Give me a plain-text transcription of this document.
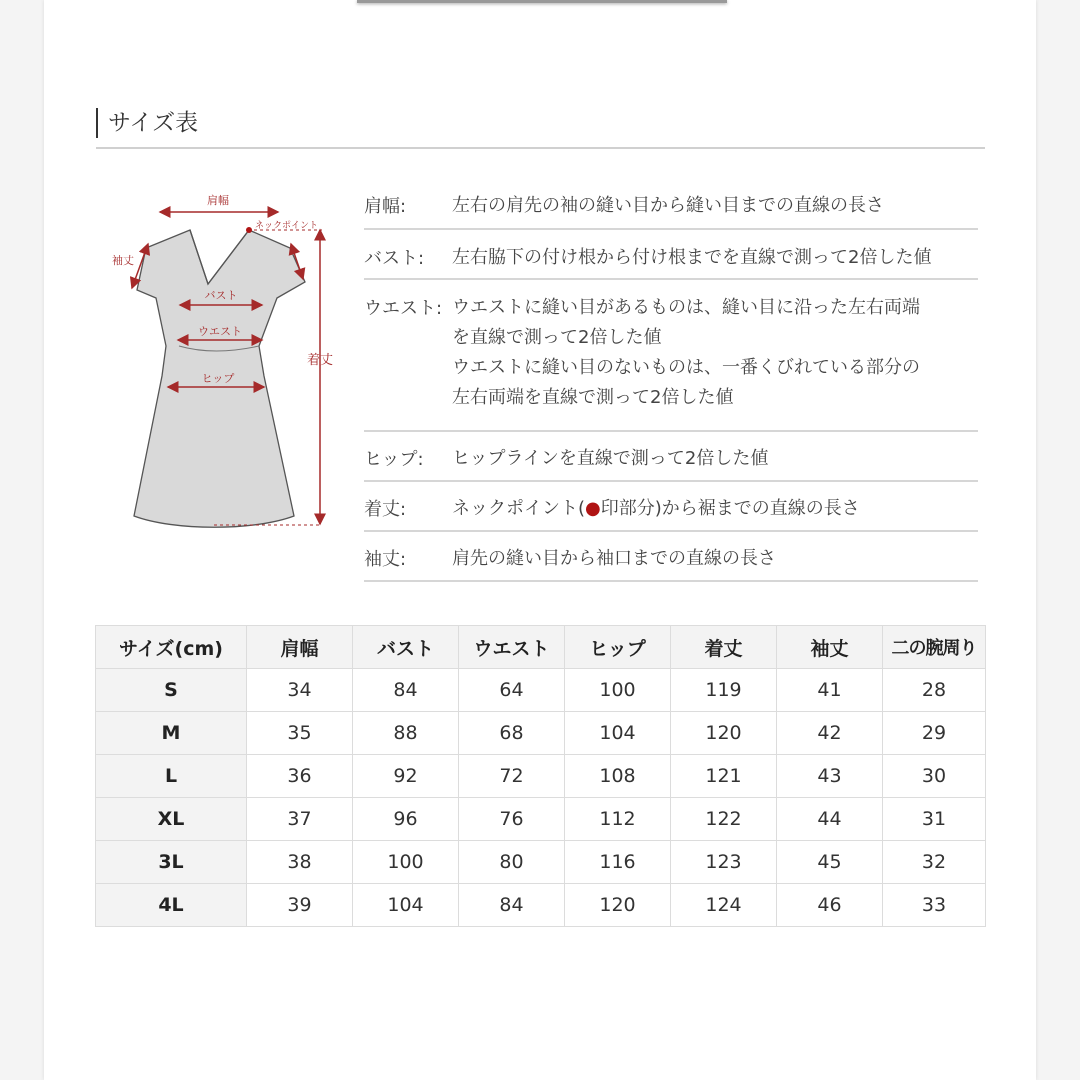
サイズ表
肩幅
ネックポイント
袖丈
バスト
ウエスト
ヒップ
着丈
肩幅:	左右の肩先の袖の縫い目から縫い目までの直線の長さ
バスト:	左右脇下の付け根から付け根までを直線で測って2倍した値
ウエスト: ウエストに縫い目があるものは、縫い目に沿った左右両端
を直線で測って2倍した値
ウエストに縫い目のないものは、一番くびれている部分の
左右両端を直線で測って2倍した値
ヒップ:	ヒップラインを直線で測って2倍した値
着丈:	ネックポイント(●印部分)から裾までの直線の長さ
袖丈:	肩先の縫い目から袖口までの直線の長さ
サイズ(cm)	肩幅	バスト	ウエスト	ヒップ	着丈	袖丈	二の腕周り
S	34	84	64	100	119	41	28
M	35	88	68	104	120	42	29
L	36	92	72	108	121	43	30
XL	37	96	76	112	122	44	31
3L	38	100	80	116	123	45	32
4L	39	104	84	120	124	46	33
